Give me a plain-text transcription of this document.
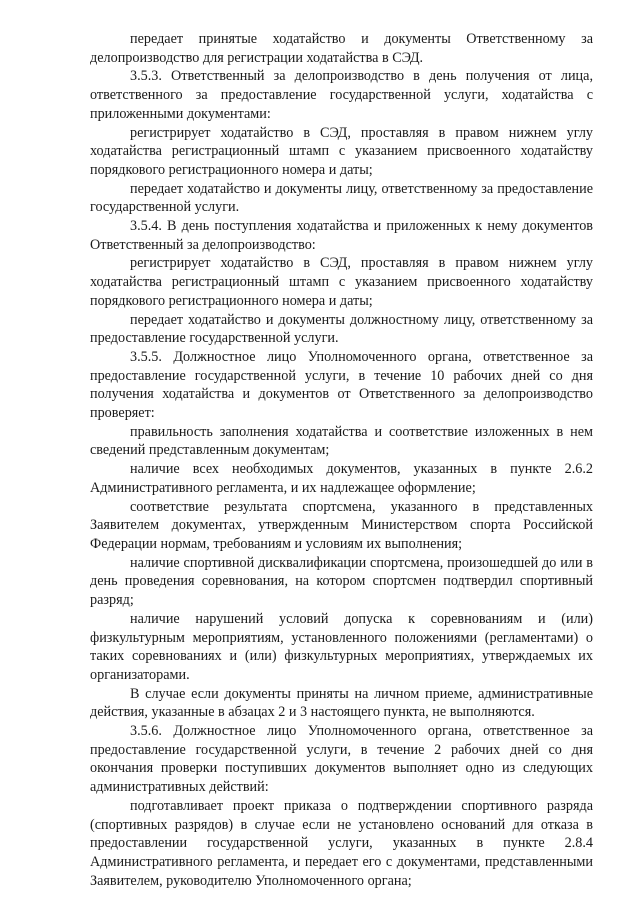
передает принятые ходатайство и документы Ответственному за делопроизводство для регистрации ходатайства в СЭД.

3.5.3. Ответственный за делопроизводство в день получения от лица, ответственного за предоставление государственной услуги, ходатайства с приложенными документами:

регистрирует ходатайство в СЭД, проставляя в правом нижнем углу ходатайства регистрационный штамп с указанием присвоенного ходатайству порядкового регистрационного номера и даты;

передает ходатайство и документы лицу, ответственному за предоставление государственной услуги.

3.5.4. В день поступления ходатайства и приложенных к нему документов Ответственный за делопроизводство:

регистрирует ходатайство в СЭД, проставляя в правом нижнем углу ходатайства регистрационный штамп с указанием присвоенного ходатайству порядкового регистрационного номера и даты;

передает ходатайство и документы должностному лицу, ответственному за предоставление государственной услуги.

3.5.5. Должностное лицо Уполномоченного органа, ответственное за предоставление государственной услуги, в течение 10 рабочих дней со дня получения ходатайства и документов от Ответственного за делопроизводство проверяет:

правильность заполнения ходатайства и соответствие изложенных в нем сведений представленным документам;

наличие всех необходимых документов, указанных в пункте 2.6.2 Административного регламента, и их надлежащее оформление;

соответствие результата спортсмена, указанного в представленных Заявителем документах, утвержденным Министерством спорта Российской Федерации нормам, требованиям и условиям их выполнения;

наличие спортивной дисквалификации спортсмена, произошедшей до или в день проведения соревнования, на котором спортсмен подтвердил спортивный разряд;

наличие нарушений условий допуска к соревнованиям и (или) физкультурным мероприятиям, установленного положениями (регламентами) о таких соревнованиях и (или) физкультурных мероприятиях, утверждаемых их организаторами.

В случае если документы приняты на личном приеме, административные действия, указанные в абзацах 2 и 3 настоящего пункта, не выполняются.

3.5.6. Должностное лицо Уполномоченного органа, ответственное за предоставление государственной услуги, в течение 2 рабочих дней со дня окончания проверки поступивших документов выполняет одно из следующих административных действий:

подготавливает проект приказа о подтверждении спортивного разряда (спортивных разрядов) в случае если не установлено оснований для отказа в предоставлении государственной услуги, указанных в пункте 2.8.4 Административного регламента, и передает его с документами, представленными Заявителем, руководителю Уполномоченного органа;
